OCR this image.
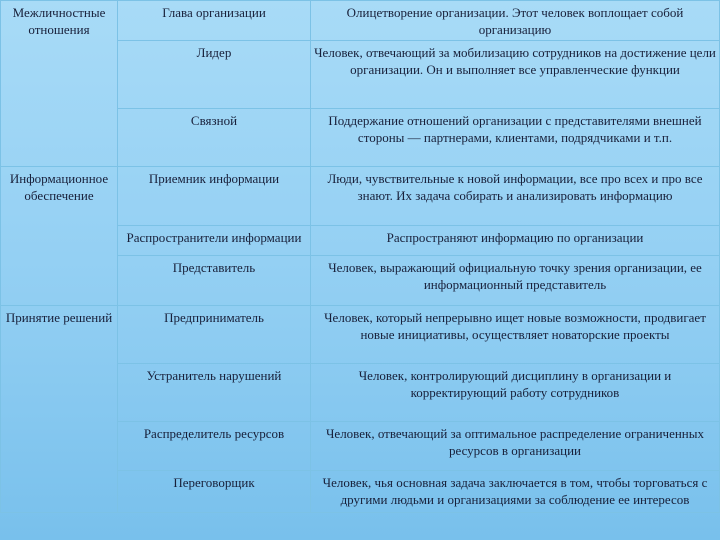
Межличностные отношения	Глава организации	Олицетворение организации. Этот человек воплощает собой организацию
	Лидер	Человек, отвечающий за мобилизацию сотрудников на достижение цели организации. Он и выполняет все управленческие функции
	Связной	Поддержание отношений организации с представителями внешней стороны — партнерами, клиентами, подрядчиками и т.п.
Информационное обеспечение	Приемник информации	Люди, чувствительные к новой информации, все про всех и про все знают. Их задача собирать и анализировать информацию
	Распространители информации	Распространяют информацию по организации
	Представитель	Человек, выражающий официальную точку зрения организации, ее информационный представитель
Принятие решений	Предприниматель	Человек, который непрерывно ищет новые возможности, продвигает новые инициативы, осуществляет новаторские проекты
	Устранитель нарушений	Человек, контролирующий дисциплину в организации и корректирующий работу сотрудников
	Распределитель ресурсов	Человек, отвечающий за оптимальное распределение ограниченных ресурсов в организации
	Переговорщик	Человек, чья основная задача заключается в том, чтобы торговаться с другими людьми и организациями за соблюдение ее интересов
